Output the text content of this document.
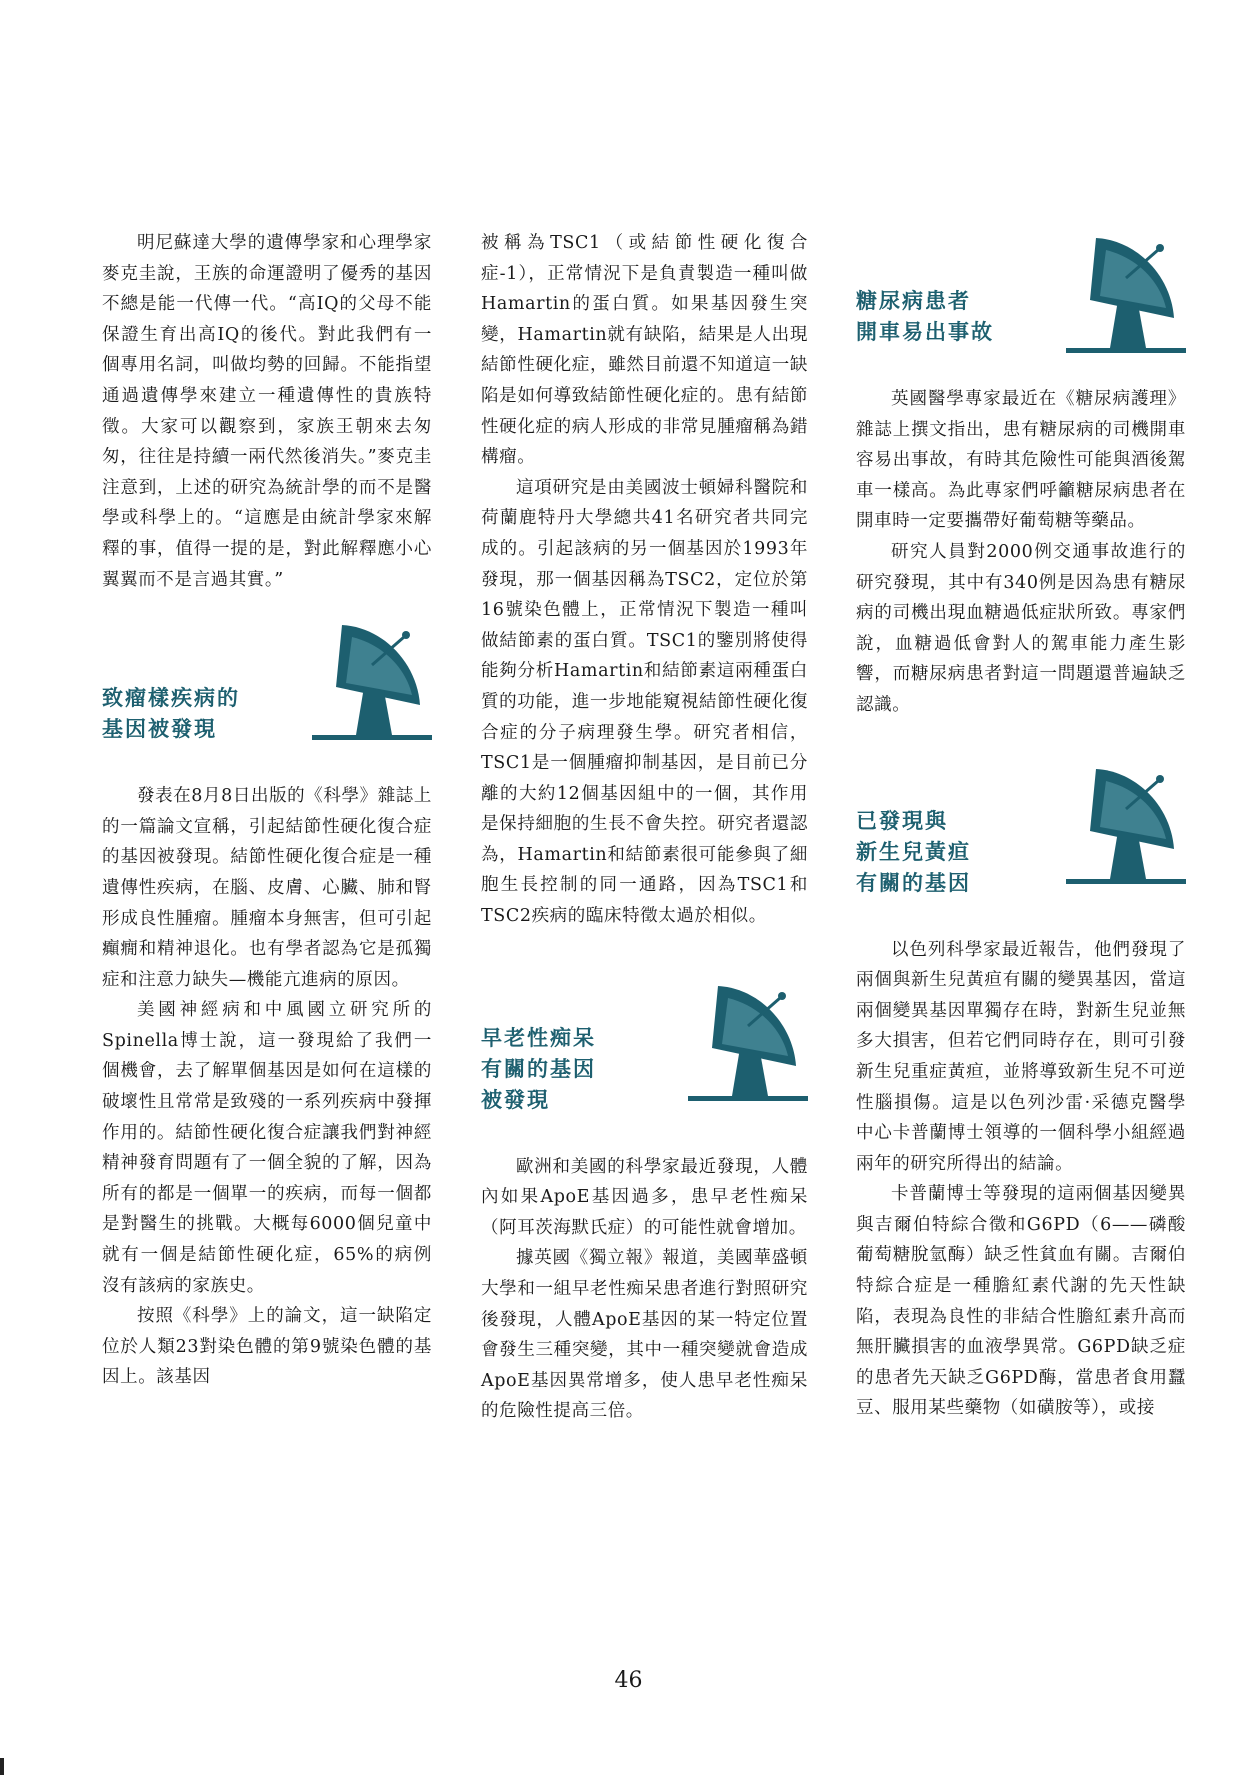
明尼蘇達大學的遺傳學家和心理學家麥克圭說，王族的命運證明了優秀的基因不總是能一代傳一代。“高IQ的父母不能保證生育出高IQ的後代。對此我們有一個專用名詞，叫做均勢的回歸。不能指望通過遺傳學來建立一種遺傳性的貴族特徵。大家可以觀察到，家族王朝來去匆匆，往往是持續一兩代然後消失。”麥克圭注意到，上述的研究為統計學的而不是醫學或科學上的。“這應是由統計學家來解釋的事，值得一提的是，對此解釋應小心翼翼而不是言過其實。”

致瘤樣疾病的
基因被發現

發表在8月8日出版的《科學》雜誌上的一篇論文宣稱，引起結節性硬化復合症的基因被發現。結節性硬化復合症是一種遺傳性疾病，在腦、皮膚、心臟、肺和腎形成良性腫瘤。腫瘤本身無害，但可引起癲癇和精神退化。也有學者認為它是孤獨症和注意力缺失—機能亢進病的原因。

美國神經病和中風國立研究所的Spinella博士說，這一發現給了我們一個機會，去了解單個基因是如何在這樣的破壞性且常常是致殘的一系列疾病中發揮作用的。結節性硬化復合症讓我們對神經精神發育問題有了一個全貌的了解，因為所有的都是一個單一的疾病，而每一個都是對醫生的挑戰。大概每6000個兒童中就有一個是結節性硬化症，65%的病例沒有該病的家族史。

按照《科學》上的論文，這一缺陷定位於人類23對染色體的第9號染色體的基因上。該基因

被稱為TSC1（或結節性硬化復合症-1），正常情況下是負責製造一種叫做Hamartin的蛋白質。如果基因發生突變，Hamartin就有缺陷，結果是人出現結節性硬化症，雖然目前還不知道這一缺陷是如何導致結節性硬化症的。患有結節性硬化症的病人形成的非常見腫瘤稱為錯構瘤。

這項研究是由美國波士頓婦科醫院和荷蘭鹿特丹大學總共41名研究者共同完成的。引起該病的另一個基因於1993年發現，那一個基因稱為TSC2，定位於第16號染色體上，正常情況下製造一種叫做結節素的蛋白質。TSC1的鑒別將使得能夠分析Hamartin和結節素這兩種蛋白質的功能，進一步地能窺視結節性硬化復合症的分子病理發生學。研究者相信，TSC1是一個腫瘤抑制基因，是目前已分離的大約12個基因組中的一個，其作用是保持細胞的生長不會失控。研究者還認為，Hamartin和結節素很可能參與了細胞生長控制的同一通路，因為TSC1和TSC2疾病的臨床特徵太過於相似。

早老性痴呆
有關的基因
被發現

歐洲和美國的科學家最近發現，人體內如果ApoE基因過多，患早老性痴呆（阿耳茨海默氏症）的可能性就會增加。

據英國《獨立報》報道，美國華盛頓大學和一組早老性痴呆患者進行對照研究後發現，人體ApoE基因的某一特定位置會發生三種突變，其中一種突變就會造成ApoE基因異常增多，使人患早老性痴呆的危險性提高三倍。

糖尿病患者
開車易出事故

英國醫學專家最近在《糖尿病護理》雜誌上撰文指出，患有糖尿病的司機開車容易出事故，有時其危險性可能與酒後駕車一樣高。為此專家們呼籲糖尿病患者在開車時一定要攜帶好葡萄糖等藥品。

研究人員對2000例交通事故進行的研究發現，其中有340例是因為患有糖尿病的司機出現血糖過低症狀所致。專家們說，血糖過低會對人的駕車能力產生影響，而糖尿病患者對這一問題還普遍缺乏認識。

已發現與
新生兒黃疸
有關的基因

以色列科學家最近報告，他們發現了兩個與新生兒黃疸有關的變異基因，當這兩個變異基因單獨存在時，對新生兒並無多大損害，但若它們同時存在，則可引發新生兒重症黃疸，並將導致新生兒不可逆性腦損傷。這是以色列沙雷·采德克醫學中心卡普蘭博士領導的一個科學小組經過兩年的研究所得出的結論。

卡普蘭博士等發現的這兩個基因變異與吉爾伯特綜合徵和G6PD（6——磷酸葡萄糖脫氫酶）缺乏性貧血有關。吉爾伯特綜合症是一種膽紅素代謝的先天性缺陷，表現為良性的非結合性膽紅素升高而無肝臟損害的血液學異常。G6PD缺乏症的患者先天缺乏G6PD酶，當患者食用蠶豆、服用某些藥物（如磺胺等），或接

46
